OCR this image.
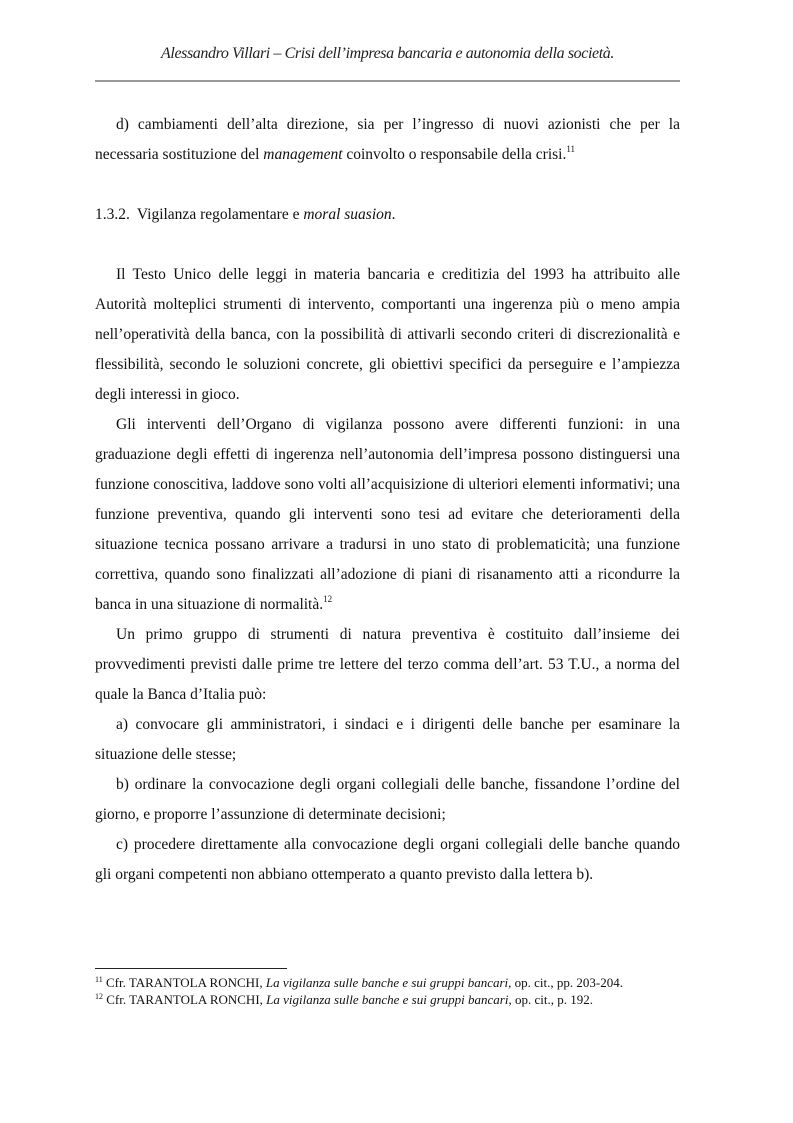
Alessandro Villari – Crisi dell’impresa bancaria e autonomia della società.

d) cambiamenti dell’alta direzione, sia per l’ingresso di nuovi azionisti che per la necessaria sostituzione del management coinvolto o responsabile della crisi.$^{11}$

1.3.2. Vigilanza regolamentare e moral suasion.

Il Testo Unico delle leggi in materia bancaria e creditizia del 1993 ha attribuito alle Autorità molteplici strumenti di intervento, comportanti una ingerenza più o meno ampia nell’operatività della banca, con la possibilità di attivarli secondo criteri di discrezionalità e flessibilità, secondo le soluzioni concrete, gli obiettivi specifici da perseguire e l’ampiezza degli interessi in gioco.

Gli interventi dell’Organo di vigilanza possono avere differenti funzioni: in una graduazione degli effetti di ingerenza nell’autonomia dell’impresa possono distinguersi una funzione conoscitiva, laddove sono volti all’acquisizione di ulteriori elementi informativi; una funzione preventiva, quando gli interventi sono tesi ad evitare che deterioramenti della situazione tecnica possano arrivare a tradursi in uno stato di problematicità; una funzione correttiva, quando sono finalizzati all’adozione di piani di risanamento atti a ricondurre la banca in una situazione di normalità.$^{12}$

Un primo gruppo di strumenti di natura preventiva è costituito dall’insieme dei provvedimenti previsti dalle prime tre lettere del terzo comma dell’art. 53 T.U., a norma del quale la Banca d’Italia può:

a) convocare gli amministratori, i sindaci e i dirigenti delle banche per esaminare la situazione delle stesse;

b) ordinare la convocazione degli organi collegiali delle banche, fissandone l’ordine del giorno, e proporre l’assunzione di determinate decisioni;

c) procedere direttamente alla convocazione degli organi collegiali delle banche quando gli organi competenti non abbiano ottemperato a quanto previsto dalla lettera b).

$^{11}$ Cfr. TARANTOLA RONCHI, La vigilanza sulle banche e sui gruppi bancari, op. cit., pp. 203-204.
$^{12}$ Cfr. TARANTOLA RONCHI, La vigilanza sulle banche e sui gruppi bancari, op. cit., p. 192.
